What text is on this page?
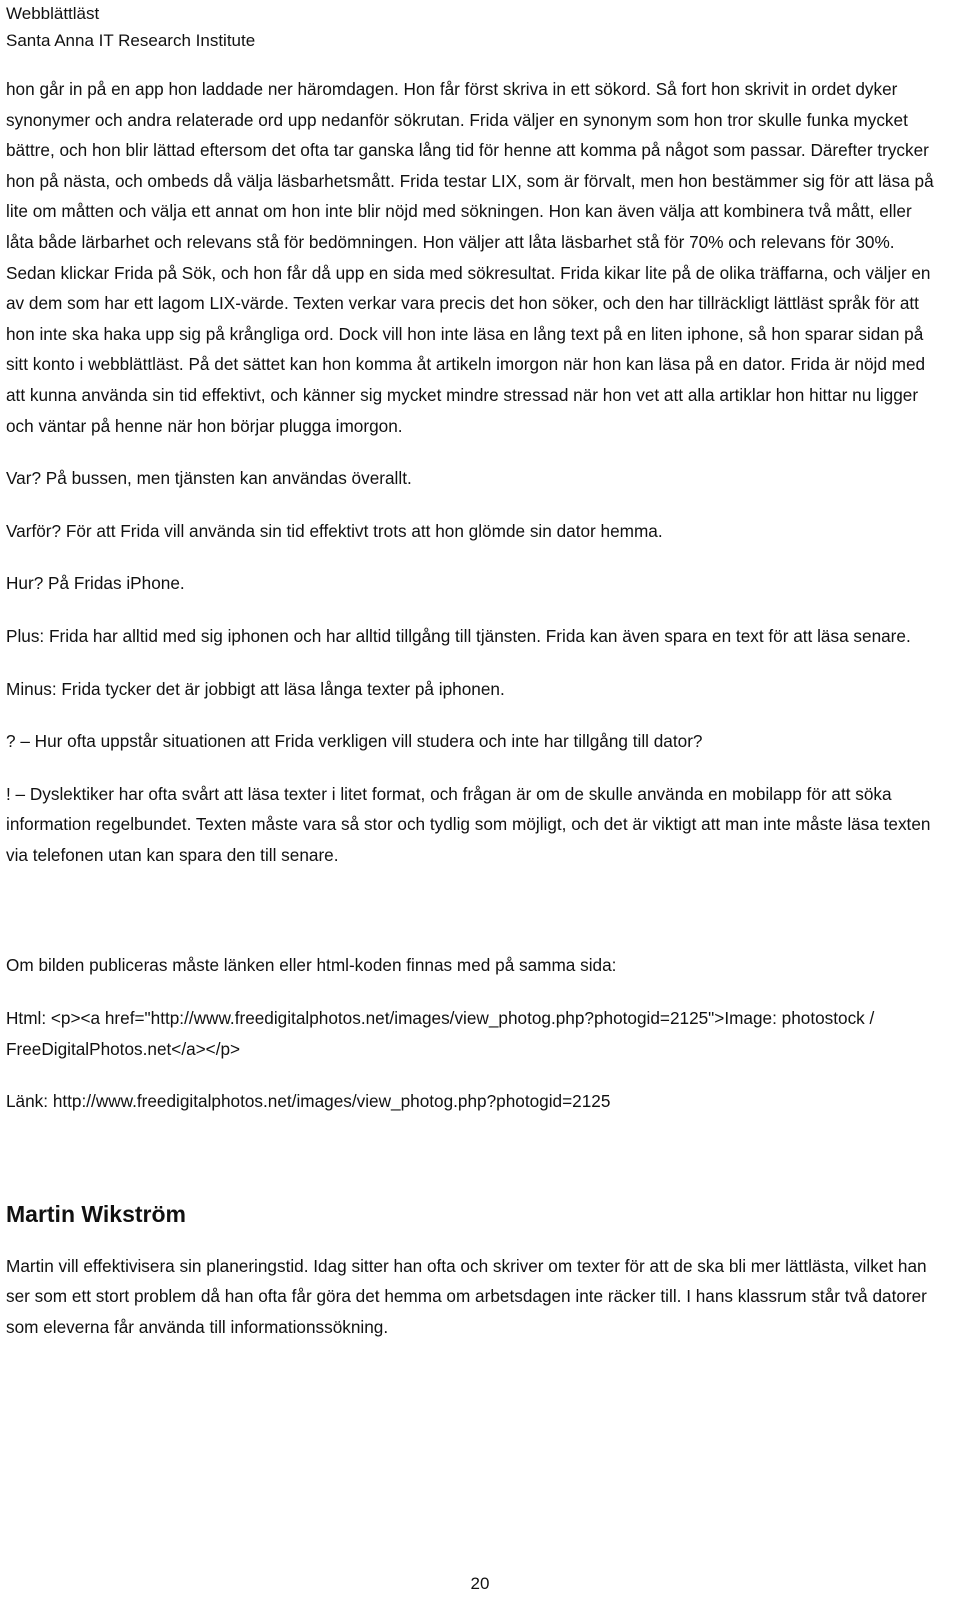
Webblättläst
Santa Anna IT Research Institute

hon går in på en app hon laddade ner häromdagen. Hon får först skriva in ett sökord. Så fort hon skrivit in ordet dyker synonymer och andra relaterade ord upp nedanför sökrutan. Frida väljer en synonym som hon tror skulle funka mycket bättre, och hon blir lättad eftersom det ofta tar ganska lång tid för henne att komma på något som passar. Därefter trycker hon på nästa, och ombeds då välja läsbarhetsmått. Frida testar LIX, som är förvalt, men hon bestämmer sig för att läsa på lite om måtten och välja ett annat om hon inte blir nöjd med sökningen. Hon kan även välja att kombinera två mått, eller låta både lärbarhet och relevans stå för bedömningen. Hon väljer att låta läsbarhet stå för 70% och relevans för 30%. Sedan klickar Frida på Sök, och hon får då upp en sida med sökresultat. Frida kikar lite på de olika träffarna, och väljer en av dem som har ett lagom LIX-värde. Texten verkar vara precis det hon söker, och den har tillräckligt lättläst språk för att hon inte ska haka upp sig på krångliga ord. Dock vill hon inte läsa en lång text på en liten iphone, så hon sparar sidan på sitt konto i webblättläst. På det sättet kan hon komma åt artikeln imorgon när hon kan läsa på en dator. Frida är nöjd med att kunna använda sin tid effektivt, och känner sig mycket mindre stressad när hon vet att alla artiklar hon hittar nu ligger och väntar på henne när hon börjar plugga imorgon.

Var? På bussen, men tjänsten kan användas överallt.

Varför? För att Frida vill använda sin tid effektivt trots att hon glömde sin dator hemma.

Hur? På Fridas iPhone.

Plus: Frida har alltid med sig iphonen och har alltid tillgång till tjänsten. Frida kan även spara en text för att läsa senare.

Minus: Frida tycker det är jobbigt att läsa långa texter på iphonen.

? – Hur ofta uppstår situationen att Frida verkligen vill studera och inte har tillgång till dator?

! – Dyslektiker har ofta svårt att läsa texter i litet format, och frågan är om de skulle använda en mobilapp för att söka information regelbundet. Texten måste vara så stor och tydlig som möjligt, och det är viktigt att man inte måste läsa texten via telefonen utan kan spara den till senare.

Om bilden publiceras måste länken eller html-koden finnas med på samma sida:

Html: <p><a href="http://www.freedigitalphotos.net/images/view_photog.php?photogid=2125">Image: photostock / FreeDigitalPhotos.net</a></p>

Länk: http://www.freedigitalphotos.net/images/view_photog.php?photogid=2125

Martin Wikström

Martin vill effektivisera sin planeringstid. Idag sitter han ofta och skriver om texter för att de ska bli mer lättlästa, vilket han ser som ett stort problem då han ofta får göra det hemma om arbetsdagen inte räcker till. I hans klassrum står två datorer som eleverna får använda till informationssökning.

20
